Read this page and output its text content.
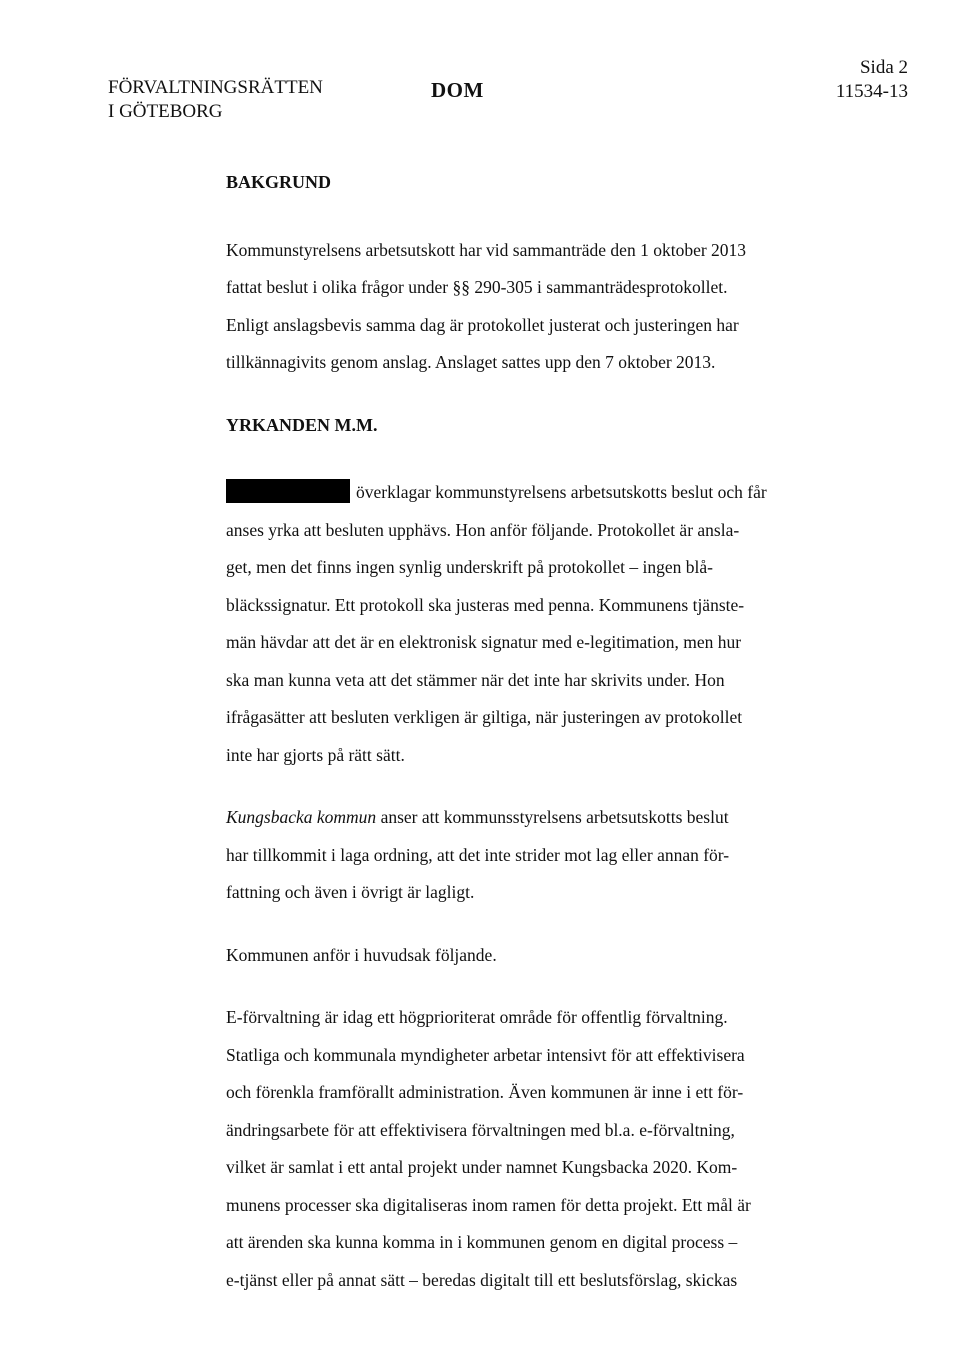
FÖRVALTNINGSRÄTTEN
I GÖTEBORG
DOM
Sida 2
11534-13

BAKGRUND

Kommunstyrelsens arbetsutskott har vid sammanträde den 1 oktober 2013
fattat beslut i olika frågor under §§ 290-305 i sammanträdesprotokollet.
Enligt anslagsbevis samma dag är protokollet justerat och justeringen har
tillkännagivits genom anslag. Anslaget sattes upp den 7 oktober 2013.

YRKANDEN M.M.

överklagar kommunstyrelsens arbetsutskotts beslut och får
anses yrka att besluten upphävs. Hon anför följande. Protokollet är ansla-
get, men det finns ingen synlig underskrift på protokollet – ingen blå-
bläckssignatur. Ett protokoll ska justeras med penna. Kommunens tjänste-
män hävdar att det är en elektronisk signatur med e-legitimation, men hur
ska man kunna veta att det stämmer när det inte har skrivits under. Hon
ifrågasätter att besluten verkligen är giltiga, när justeringen av protokollet
inte har gjorts på rätt sätt.
Kungsbacka kommun anser att kommunsstyrelsens arbetsutskotts beslut
har tillkommit i laga ordning, att det inte strider mot lag eller annan för-
fattning och även i övrigt är lagligt.
Kommunen anför i huvudsak följande.
E-förvaltning är idag ett högprioriterat område för offentlig förvaltning.
Statliga och kommunala myndigheter arbetar intensivt för att effektivisera
och förenkla framförallt administration. Även kommunen är inne i ett för-
ändringsarbete för att effektivisera förvaltningen med bl.a. e-förvaltning,
vilket är samlat i ett antal projekt under namnet Kungsbacka 2020. Kom-
munens processer ska digitaliseras inom ramen för detta projekt. Ett mål är
att ärenden ska kunna komma in i kommunen genom en digital process –
e-tjänst eller på annat sätt – beredas digitalt till ett beslutsförslag, skickas
